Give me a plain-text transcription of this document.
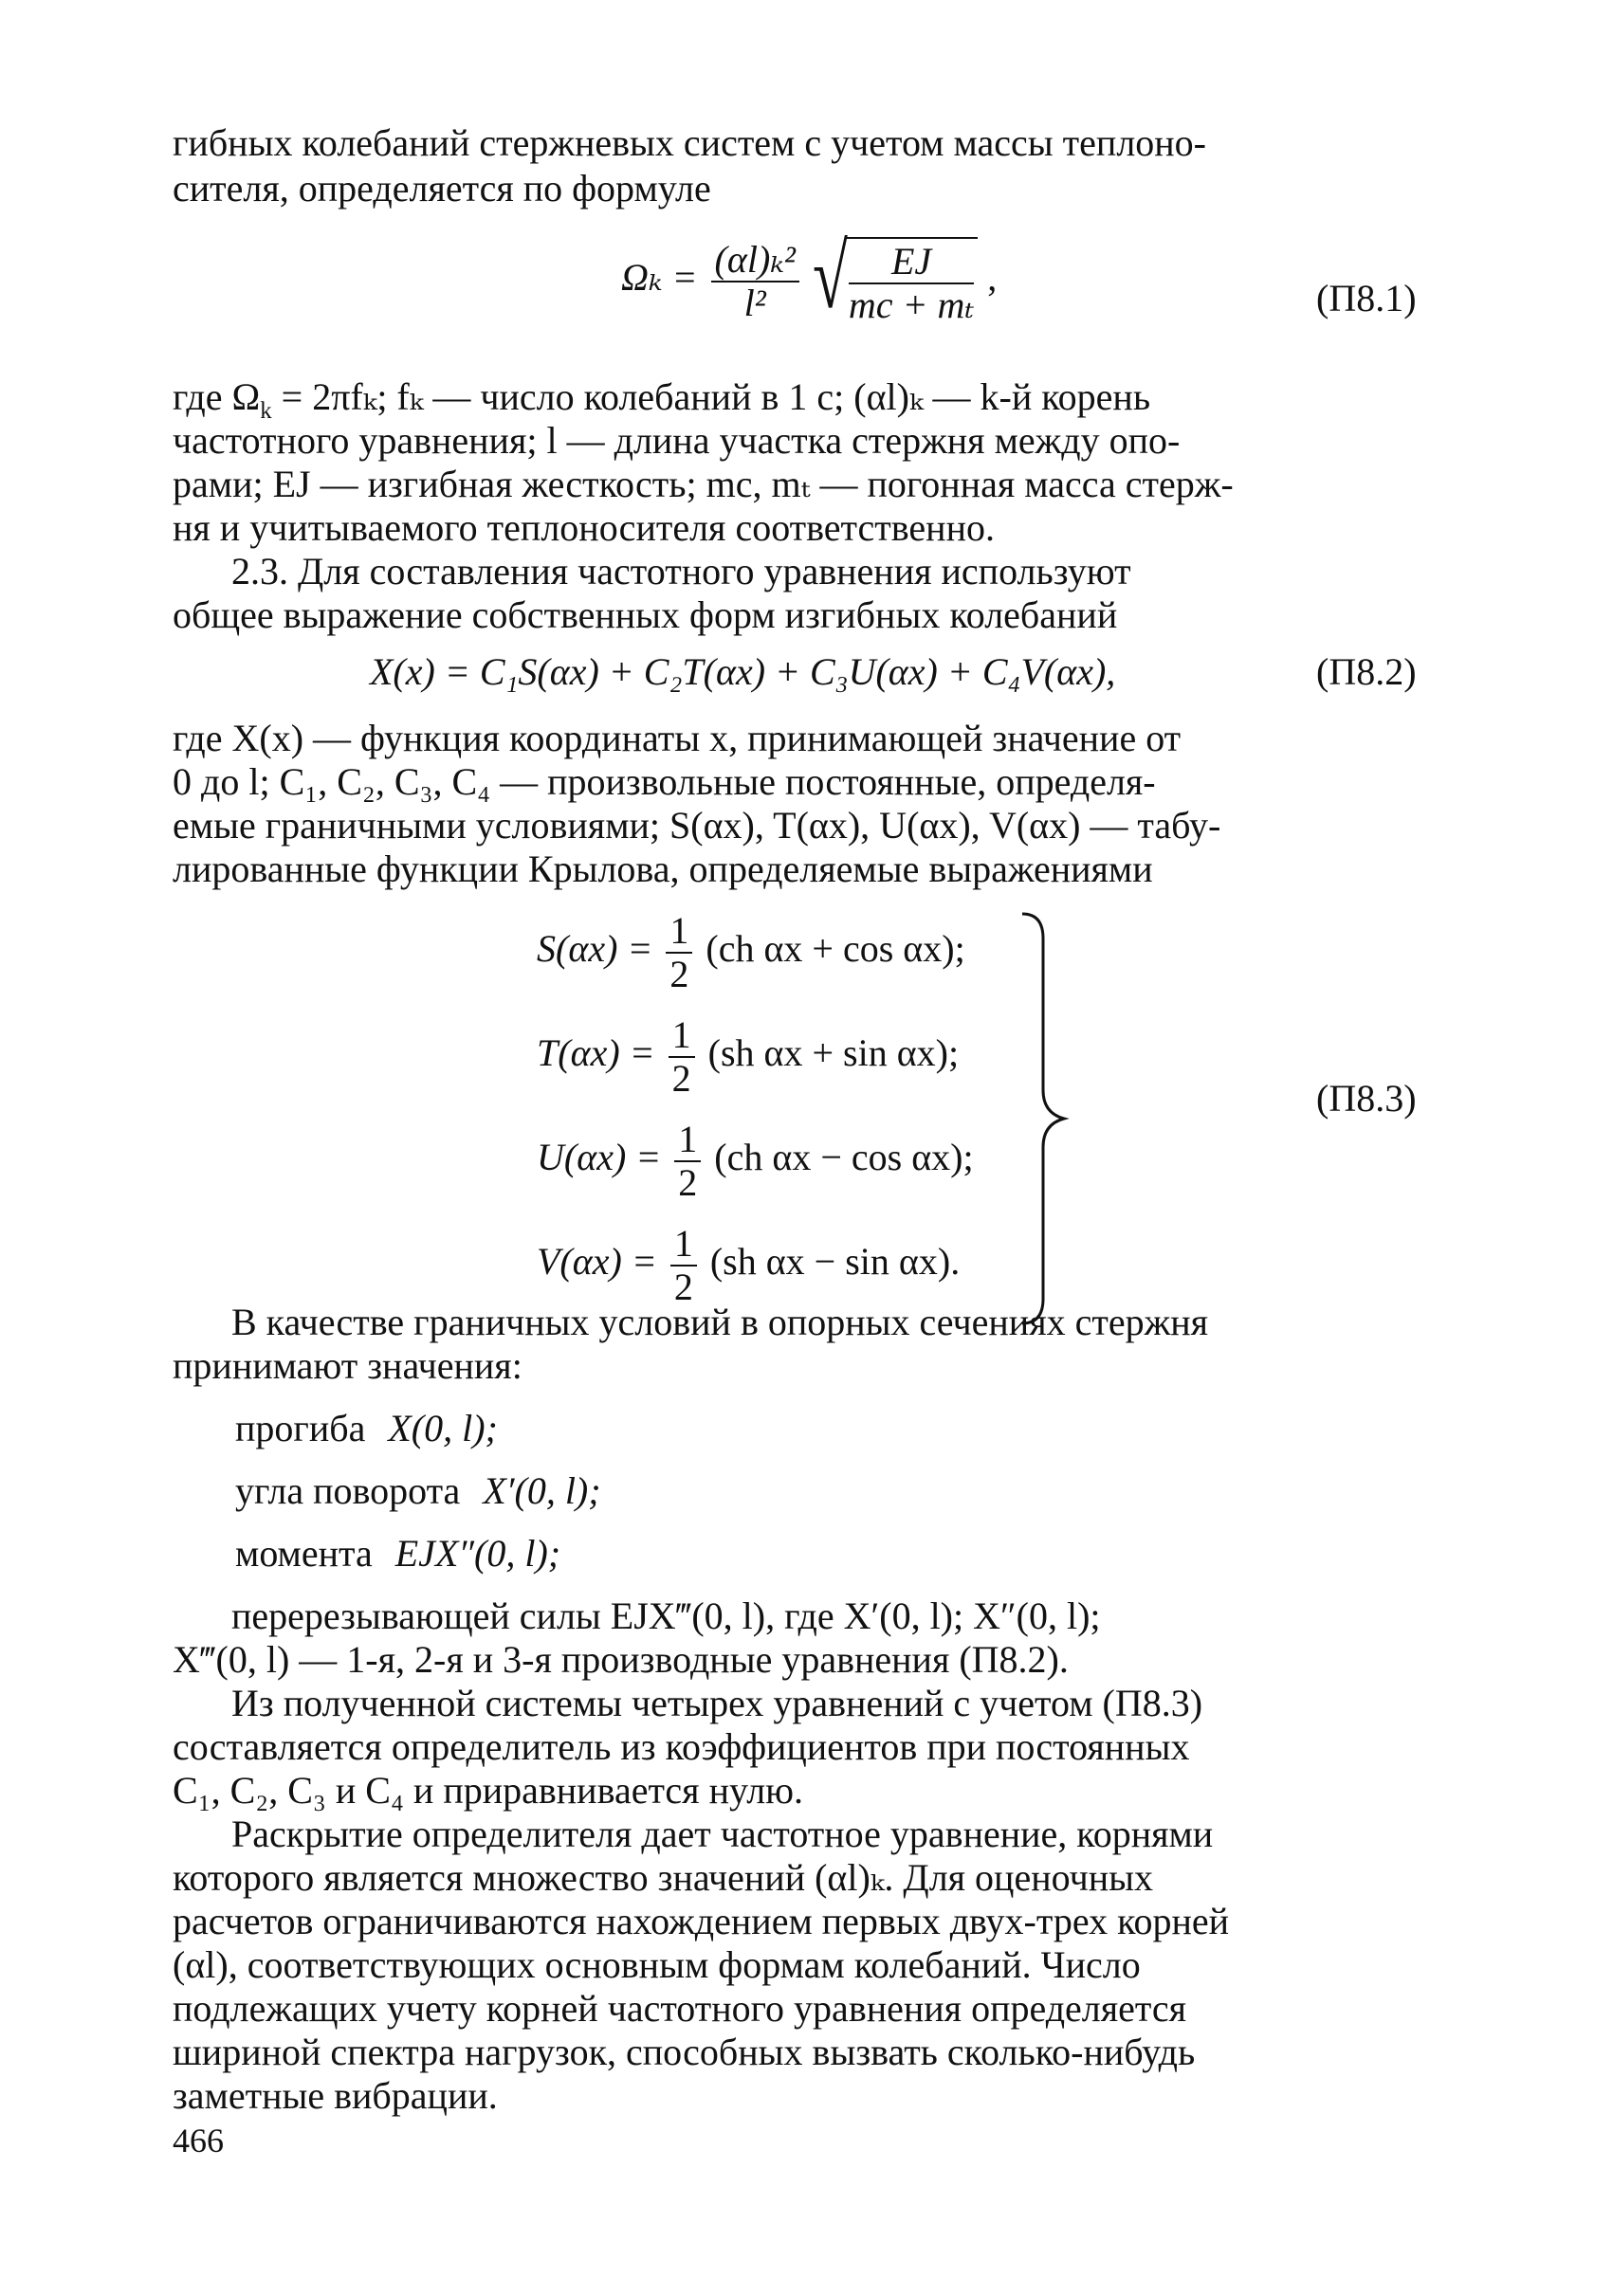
гибных колебаний стержневых систем с учетом массы теплоно-
сителя, определяется по формуле
$\Omega_k = \frac{\text{(αl)ₖ²}}{\text{l²}}$
√ $\frac{EJ}{\text{mс + mₜ}}$ ,	(П8.1)
где $\Omega_k = 2\pi f_k$; fₖ — число колебаний в 1 с; (αl)ₖ — k-й корень
частотного уравнения; l — длина участка стержня между опо-
рами; EJ — изгибная жесткость; mс, mₜ — погонная масса стерж-
ня и учитываемого теплоносителя соответственно.
2.3. Для составления частотного уравнения используют
общее выражение собственных форм изгибных колебаний
X(x) = C₁S(αx) + C₂T(αx) + C₃U(αx) + C₄V(αx),	(П8.2)
где X(x) — функция координаты x, принимающей значение от
0 до l; C₁, C₂, C₃, C₄ — произвольные постоянные, определя-
емые граничными условиями; S(αx), T(αx), U(αx), V(αx) — табу-
лированные функции Крылова, определяемые выражениями
$S(\alpha x) = \frac{1}{2} (ch$ αx + cos αx);
$T(\alpha x) = \frac{1}{2} (sh$ αx + sin αx);
$U(\alpha x) = \frac{1}{2} (ch$ αx − cos αx);
$V(\alpha x) = \frac{1}{2} (sh$ αx − sin αx).
(П8.3)
В качестве граничных условий в опорных сечениях стержня
принимают значения:
прогиба X(0, l);
угла поворота X′(0, l);
момента EJX″(0, l);
перерезывающей силы EJX‴(0, l), где X′(0, l); X″(0, l);
X‴(0, l) — 1-я, 2-я и 3-я производные уравнения (П8.2).
Из полученной системы четырех уравнений с учетом (П8.3)
составляется определитель из коэффициентов при постоянных
C₁, C₂, C₃ и C₄ и приравнивается нулю.
Раскрытие определителя дает частотное уравнение, корнями
которого является множество значений (αl)ₖ. Для оценочных
расчетов ограничиваются нахождением первых двух-трех корней
(αl), соответствующих основным формам колебаний. Число
подлежащих учету корней частотного уравнения определяется
шириной спектра нагрузок, способных вызвать сколько-нибудь
заметные вибрации.
466
